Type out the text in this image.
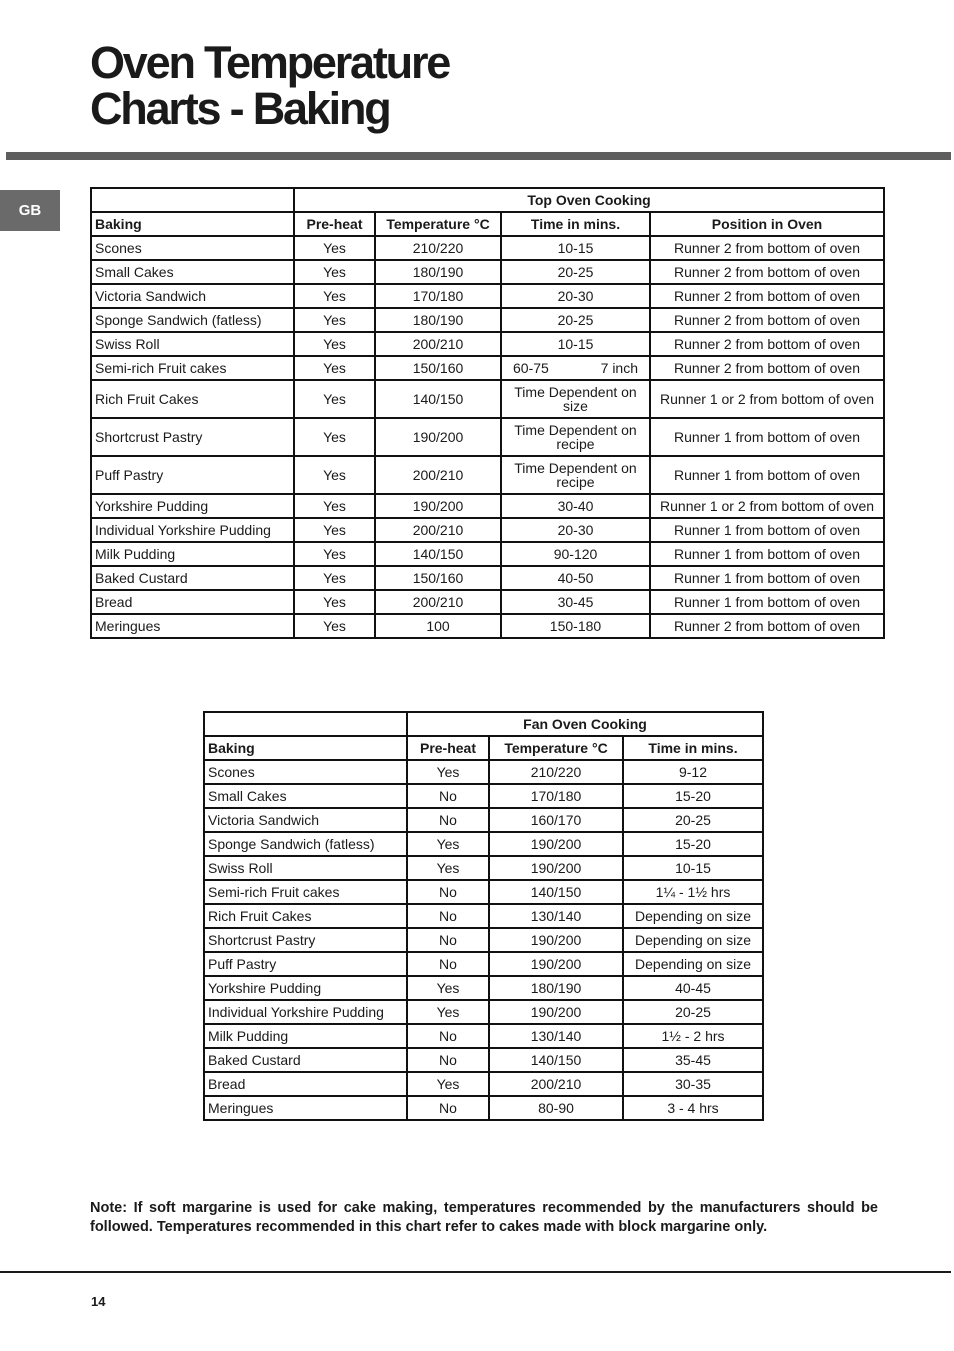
Oven Temperature
Charts - Baking
GB
	Top Oven Cooking			
Baking	Pre-heat	Temperature °C	Time in mins.	Position in Oven
Scones	Yes	210/220	10-15	Runner 2 from bottom of oven
Small Cakes	Yes	180/190	20-25	Runner 2 from bottom of oven
Victoria Sandwich	Yes	170/180	20-30	Runner 2 from bottom of oven
Sponge Sandwich (fatless)	Yes	180/190	20-25	Runner 2 from bottom of oven
Swiss Roll	Yes	200/210	10-15	Runner 2 from bottom of oven
Semi-rich Fruit cakes	Yes	150/160	60-75 7 inch	Runner 2 from bottom of oven
Rich Fruit Cakes	Yes	140/150	Time Dependent on size	Runner 1 or 2 from bottom of oven
Shortcrust Pastry	Yes	190/200	Time Dependent on recipe	Runner 1 from bottom of oven
Puff Pastry	Yes	200/210	Time Dependent on recipe	Runner 1 from bottom of oven
Yorkshire Pudding	Yes	190/200	30-40	Runner 1 or 2 from bottom of oven
Individual Yorkshire Pudding	Yes	200/210	20-30	Runner 1 from bottom of oven
Milk Pudding	Yes	140/150	90-120	Runner 1 from bottom of oven
Baked Custard	Yes	150/160	40-50	Runner 1 from bottom of oven
Bread	Yes	200/210	30-45	Runner 1 from bottom of oven
Meringues	Yes	100	150-180	Runner 2 from bottom of oven
	Fan Oven Cooking		
Baking	Pre-heat	Temperature °C	Time in mins.
Scones	Yes	210/220	9-12
Small Cakes	No	170/180	15-20
Victoria Sandwich	No	160/170	20-25
Sponge Sandwich (fatless)	Yes	190/200	15-20
Swiss Roll	Yes	190/200	10-15
Semi-rich Fruit cakes	No	140/150	1¼ - 1½ hrs
Rich Fruit Cakes	No	130/140	Depending on size
Shortcrust Pastry	No	190/200	Depending on size
Puff Pastry	No	190/200	Depending on size
Yorkshire Pudding	Yes	180/190	40-45
Individual Yorkshire Pudding	Yes	190/200	20-25
Milk Pudding	No	130/140	1½ - 2 hrs
Baked Custard	No	140/150	35-45
Bread	Yes	200/210	30-35
Meringues	No	80-90	3 - 4 hrs

Note: If soft margarine is used for cake making, temperatures recommended by the manufacturers should be followed. Temperatures recommended in this chart refer to cakes made with block margarine only.

14
